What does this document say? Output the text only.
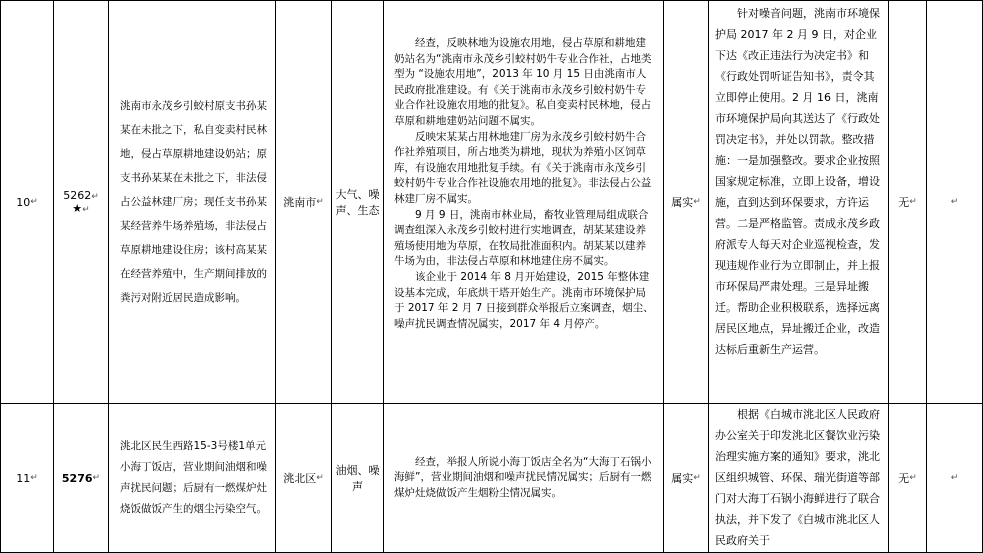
10 ↵ 5262↵
★↵
洮南市永茂乡引蛟村原支书孙某某在未批之下，私自变卖村民林地，侵占草原耕地建设奶站；原支书孙某某在未批之下，非法侵占公益林建厂房；现任支书孙某某经营养牛场养殖场，非法侵占草原耕地建设住房；该村高某某在经营养殖中，生产期间排放的粪污对附近居民造成影响。
洮南市 ↵
大气、噪声、生态

经查，反映林地为设施农用地，侵占草原和耕地建奶站名为“洮南市永茂乡引蛟村奶牛专业合作社，占地类型为 “设施农用地”，2013 年 10 月 15 日由洮南市人民政府批准建设。有《关于洮南市永茂乡引蛟村奶牛专业合作社设施农用地的批复》。私自变卖村民林地，侵占草原和耕地建奶站问题不属实。

反映宋某某占用林地建厂房为永茂乡引蛟村奶牛合作社养殖项目，所占地类为耕地，现状为养殖小区饲草库，有设施农用地批复手续。有《关于洮南市永茂乡引蛟村奶牛专业合作社设施农用地的批复》。非法侵占公益林建厂房不属实。

9 月 9 日，洮南市林业局，畜牧业管理局组成联合调查组深入永茂乡引蛟村进行实地调查，胡某某建设养殖场使用地为草原，在牧局批准面积内。胡某某以建养牛场为由，非法侵占草原和林地建住房不属实。

该企业于 2014 年 8 月开始建设，2015 年整体建设基本完成，年底烘干塔开始生产。洮南市环境保护局于 2017 年 2 月 7 日接到群众举报后立案调查，烟尘、噪声扰民调查情况属实，2017 年 4 月停产。

属实 ↵
针对噪音问题，洮南市环境保护局 2017 年 2 月 9 日，对企业下达《改正违法行为决定书》和《行政处罚听证告知书》，责令其立即停止使用。2 月 16 日，洮南市环境保护局向其送达了《行政处罚决定书》，并处以罚款。整改措施：一是加强整改。要求企业按照国家规定标准，立即上设备，增设施，直到达到环保要求，方许运营。二是严格监管。责成永茂乡政府派专人每天对企业巡视检查，发现违规作业行为立即制止，并上报市环保局严肃处理。三是异址搬迁。帮助企业积极联系，选择远离居民区地点，异址搬迁企业，改造达标后重新生产运营。
无 ↵	↵
11 ↵ 5276 ↵
洮北区民生西路15-3号楼1单元小海丁饭店，营业期间油烟和噪声扰民问题；后厨有一燃煤炉灶烧饭做饭产生的烟尘污染空气。
洮北区 ↵
油烟、噪声

经查，举报人所说小海丁饭店全名为“大海丁石锅小海鲜”，营业期间油烟和噪声扰民情况属实；后厨有一燃煤炉灶烧做饭产生烟粉尘情况属实。

属实 ↵
根据《白城市洮北区人民政府办公室关于印发洮北区餐饮业污染治理实施方案的通知》要求，洮北区组织城管、环保、瑞光街道等部门对大海丁石锅小海鲜进行了联合执法，并下发了《白城市洮北区人民政府关于
无 ↵	↵
